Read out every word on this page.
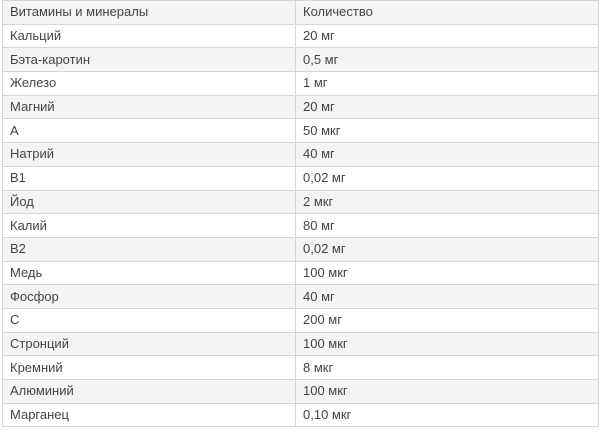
Витамины и минералы	Количество
Кальций	20 мг
Бэта-каротин	0,5 мг
Железо	1 мг
Магний	20 мг
А	50 мкг
Натрий	40 мг
В1	0,02 мг
Йод	2 мкг
Калий	80 мг
В2	0,02 мг
Медь	100 мкг
Фосфор	40 мг
С	200 мг
Стронций	100 мкг
Кремний	8 мкг
Алюминий	100 мкг
Марганец	0,10 мкг
